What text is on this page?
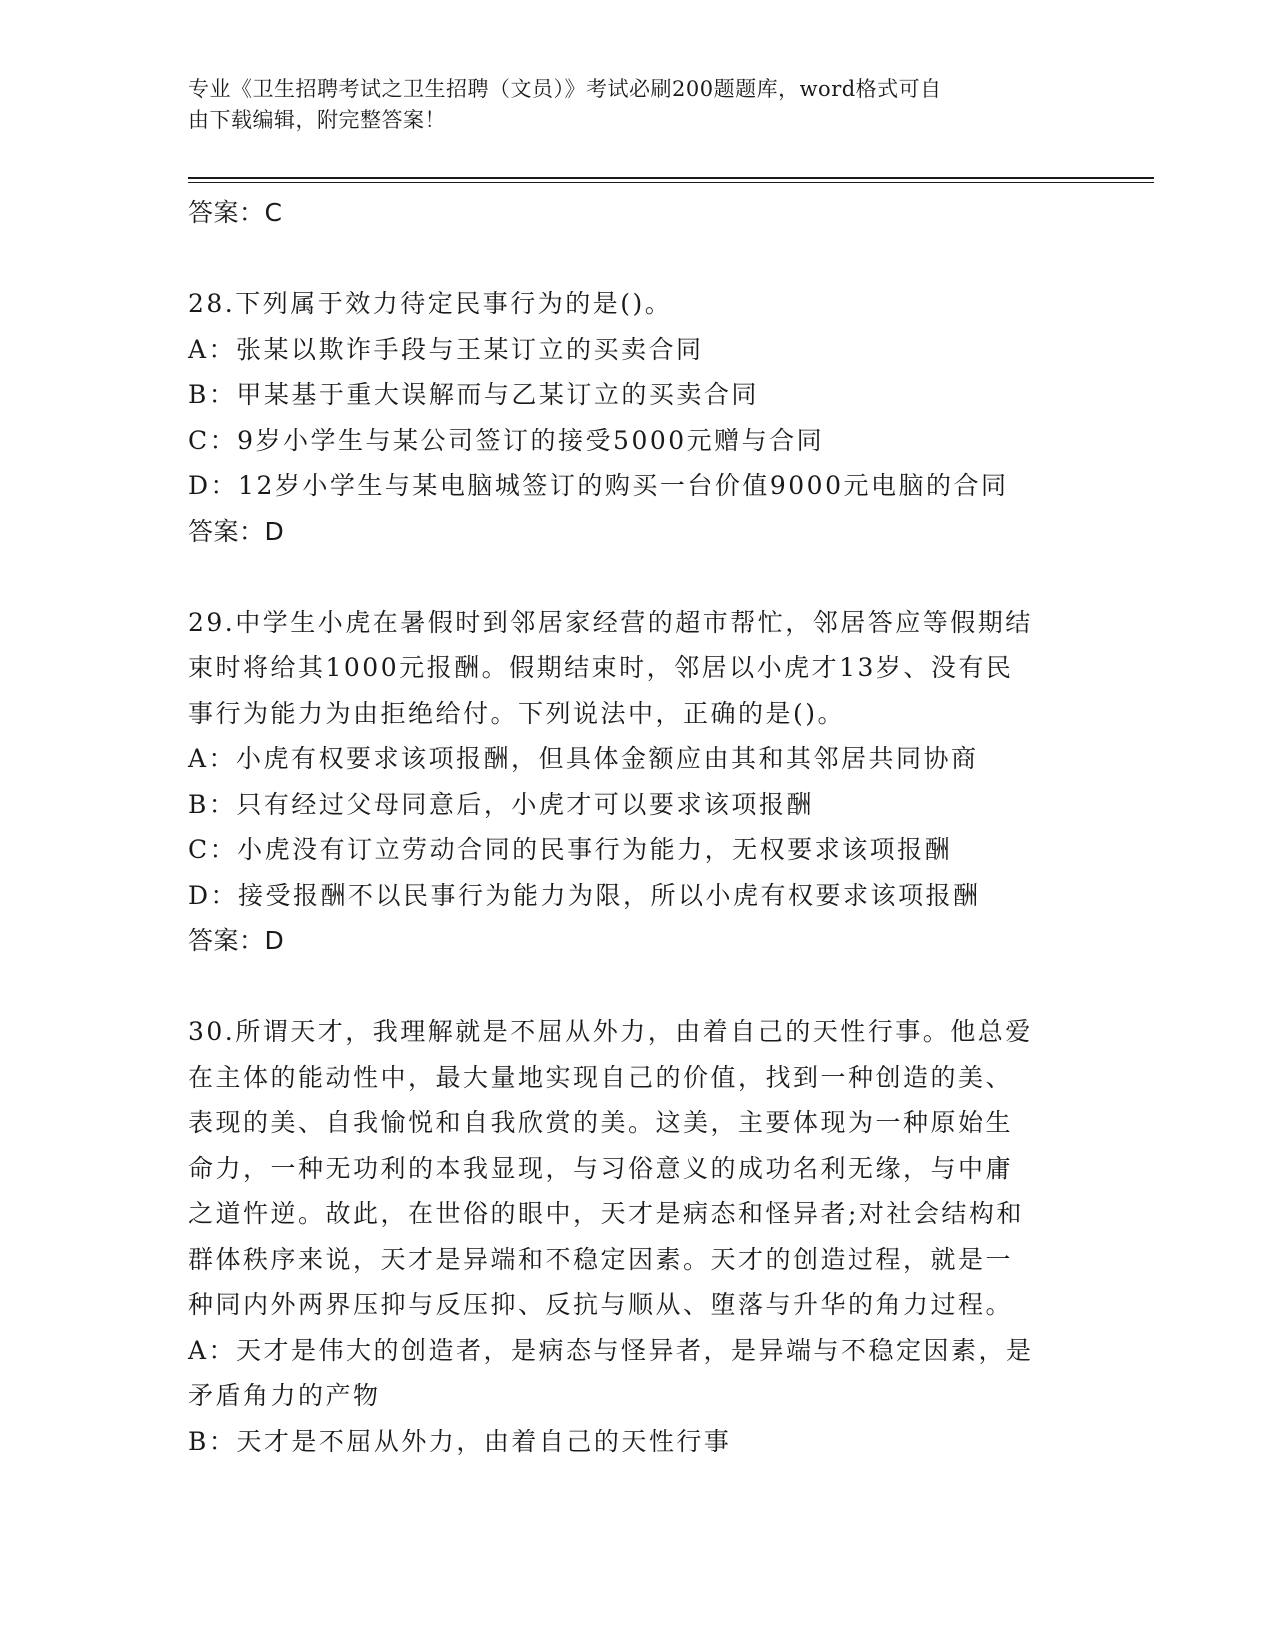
专业《卫生招聘考试之卫生招聘（文员）》考试必刷200题题库，word格式可自
由下载编辑，附完整答案！
答案：C
28.下列属于效力待定民事行为的是()。
A：张某以欺诈手段与王某订立的买卖合同
B：甲某基于重大误解而与乙某订立的买卖合同
C：9岁小学生与某公司签订的接受5000元赠与合同
D：12岁小学生与某电脑城签订的购买一台价值9000元电脑的合同
答案：D
29.中学生小虎在暑假时到邻居家经营的超市帮忙，邻居答应等假期结
束时将给其1000元报酬。假期结束时，邻居以小虎才13岁、没有民
事行为能力为由拒绝给付。下列说法中，正确的是()。
A：小虎有权要求该项报酬，但具体金额应由其和其邻居共同协商
B：只有经过父母同意后，小虎才可以要求该项报酬
C：小虎没有订立劳动合同的民事行为能力，无权要求该项报酬
D：接受报酬不以民事行为能力为限，所以小虎有权要求该项报酬
答案：D
30.所谓天才，我理解就是不屈从外力，由着自己的天性行事。他总爱
在主体的能动性中，最大量地实现自己的价值，找到一种创造的美、
表现的美、自我愉悦和自我欣赏的美。这美，主要体现为一种原始生
命力，一种无功利的本我显现，与习俗意义的成功名利无缘，与中庸
之道忤逆。故此，在世俗的眼中，天才是病态和怪异者;对社会结构和
群体秩序来说，天才是异端和不稳定因素。天才的创造过程，就是一
种同内外两界压抑与反压抑、反抗与顺从、堕落与升华的角力过程。
A：天才是伟大的创造者，是病态与怪异者，是异端与不稳定因素，是
矛盾角力的产物
B：天才是不屈从外力，由着自己的天性行事
